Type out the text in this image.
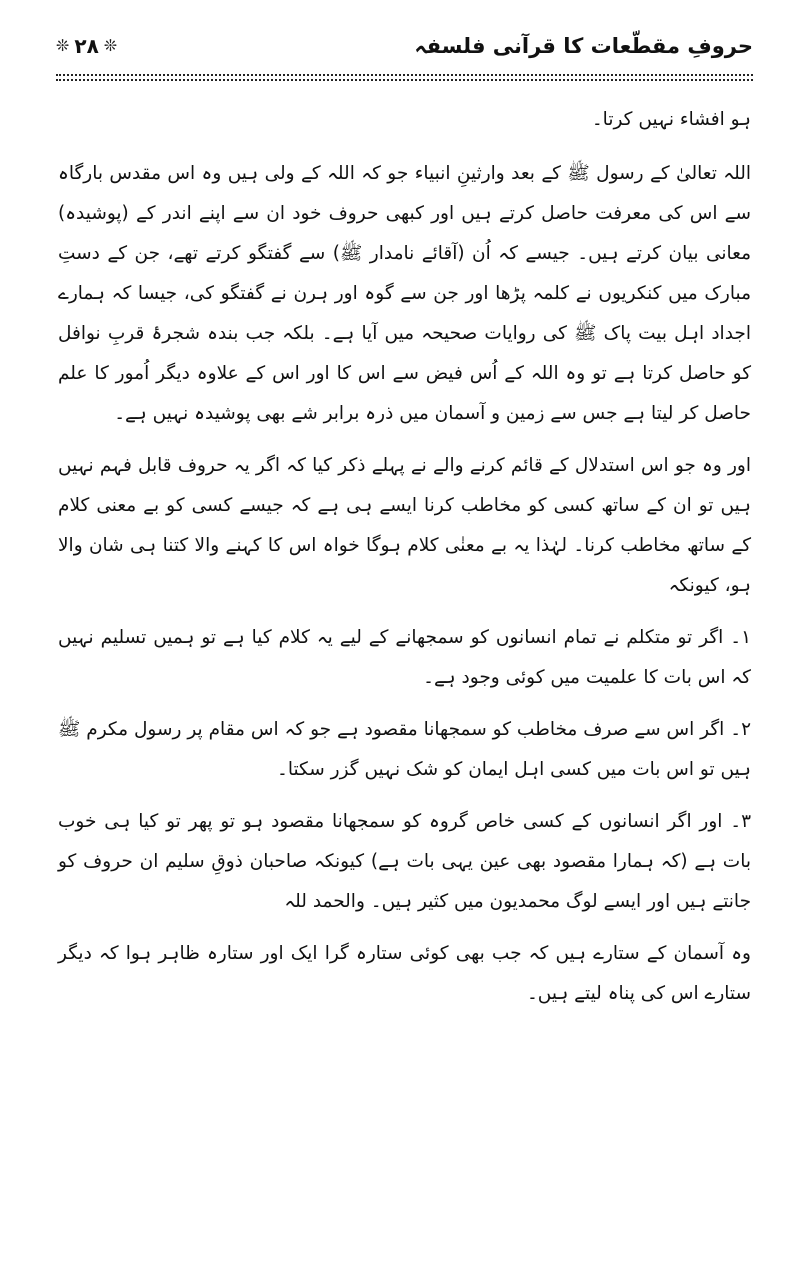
حروفِ مقطّعات کا قرآنی فلسفہ
❊ ۲۸ ❊

ہو افشاء نہیں کرتا۔

اللہ تعالیٰ کے رسول ﷺ کے بعد وارثینِ انبیاء جو کہ اللہ کے ولی ہیں وہ اس مقدس بارگاہ سے اس کی معرفت حاصل کرتے ہیں اور کبھی حروف خود ان سے اپنے اندر کے (پوشیدہ) معانی بیان کرتے ہیں۔ جیسے کہ اُن (آقائے نامدار ﷺ) سے گفتگو کرتے تھے، جن کے دستِ مبارک میں کنکریوں نے کلمہ پڑھا اور جن سے گوہ اور ہرن نے گفتگو کی، جیسا کہ ہمارے اجداد اہل بیت پاک ﷺ کی روایات صحیحہ میں آیا ہے۔ بلکہ جب بندہ شجرۂ قربِ نوافل کو حاصل کرتا ہے تو وہ اللہ کے اُس فیض سے اس کا اور اس کے علاوہ دیگر اُمور کا علم حاصل کر لیتا ہے جس سے زمین و آسمان میں ذرہ برابر شے بھی پوشیدہ نہیں ہے۔

اور وہ جو اس استدلال کے قائم کرنے والے نے پہلے ذکر کیا کہ اگر یہ حروف قابل فہم نہیں ہیں تو ان کے ساتھ کسی کو مخاطب کرنا ایسے ہی ہے کہ جیسے کسی کو بے معنی کلام کے ساتھ مخاطب کرنا۔ لہٰذا یہ بے معنٰی کلام ہوگا خواہ اس کا کہنے والا کتنا ہی شان والا ہو، کیونکہ

۱۔ اگر تو متکلم نے تمام انسانوں کو سمجھانے کے لیے یہ کلام کیا ہے تو ہمیں تسلیم نہیں کہ اس بات کا علمیت میں کوئی وجود ہے۔

۲۔ اگر اس سے صرف مخاطب کو سمجھانا مقصود ہے جو کہ اس مقام پر رسول مکرم ﷺ ہیں تو اس بات میں کسی اہل ایمان کو شک نہیں گزر سکتا۔

۳۔ اور اگر انسانوں کے کسی خاص گروہ کو سمجھانا مقصود ہو تو پھر تو کیا ہی خوب بات ہے (کہ ہمارا مقصود بھی عین یہی بات ہے) کیونکہ صاحبان ذوقِ سلیم ان حروف کو جانتے ہیں اور ایسے لوگ محمدیون میں کثیر ہیں۔ والحمد للہ

وہ آسمان کے ستارے ہیں کہ جب بھی کوئی ستارہ گرا ایک اور ستارہ ظاہر ہوا کہ دیگر ستارے اس کی پناہ لیتے ہیں۔
